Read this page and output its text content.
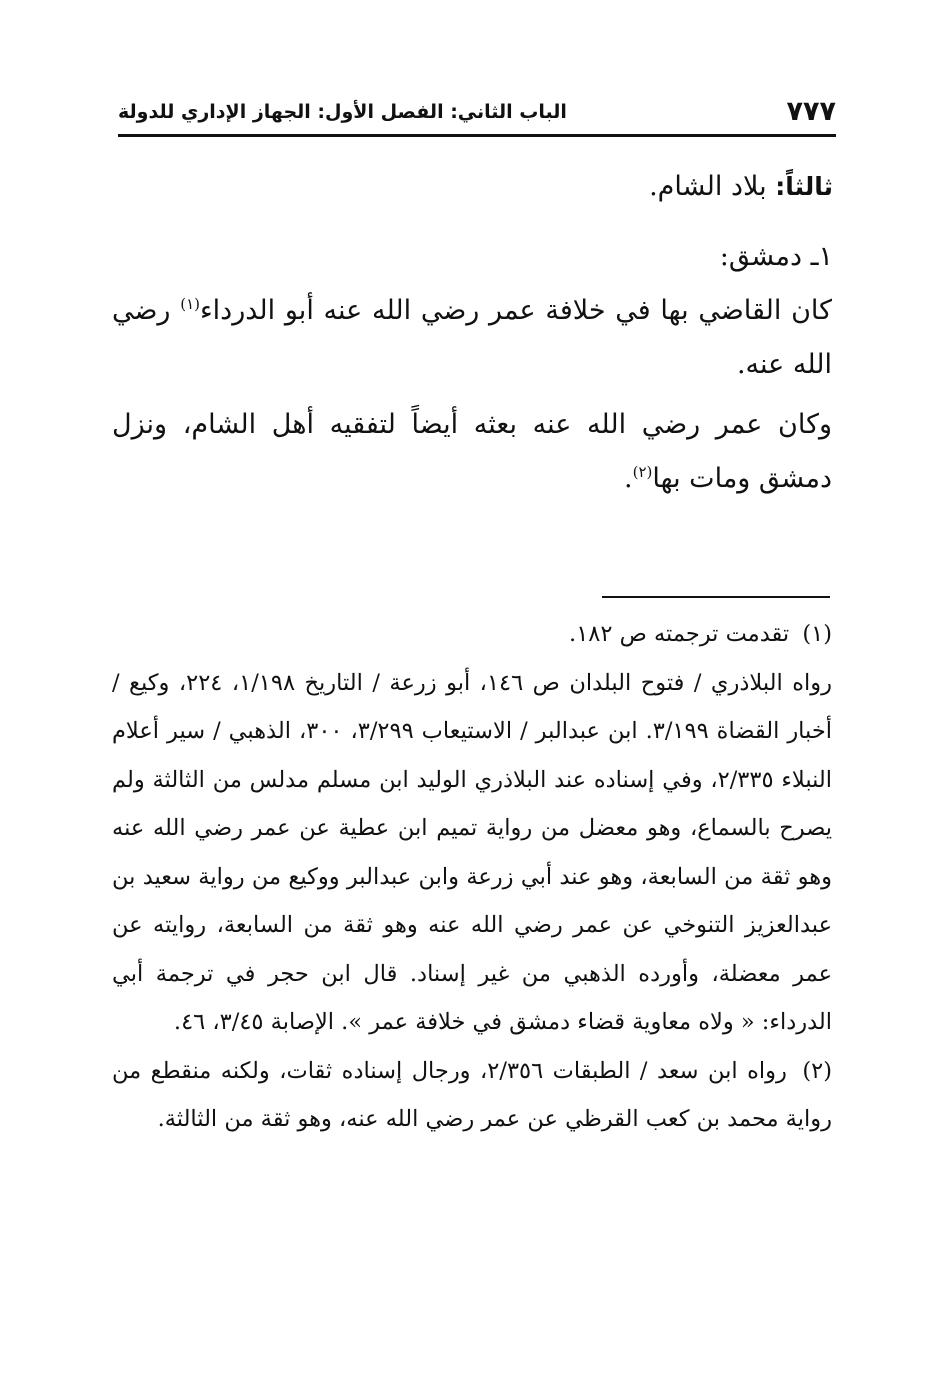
٧٧٧
الباب الثاني: الفصل الأول: الجهاز الإداري للدولة
ثالثاً: بلاد الشام.
١ـ دمشق:
كان القاضي بها في خلافة عمر رضي الله عنه أبو الدرداء$^{(١)}$ رضي الله عنه.
وكان عمر رضي الله عنه بعثه أيضاً لتفقيه أهل الشام، ونزل دمشق ومات بها$^{(٢)}$.

(١) تقدمت ترجمته ص ١٨٢.

رواه البلاذري / فتوح البلدان ص ١٤٦، أبو زرعة / التاريخ ١/١٩٨، ٢٢٤، وكيع / أخبار القضاة ٣/١٩٩. ابن عبدالبر / الاستيعاب ٣/٢٩٩، ٣٠٠، الذهبي / سير أعلام النبلاء ٢/٣٣٥، وفي إسناده عند البلاذري الوليد ابن مسلم مدلس من الثالثة ولم يصرح بالسماع، وهو معضل من رواية تميم ابن عطية عن عمر رضي الله عنه وهو ثقة من السابعة، وهو عند أبي زرعة وابن عبدالبر ووكيع من رواية سعيد بن عبدالعزيز التنوخي عن عمر رضي الله عنه وهو ثقة من السابعة، روايته عن عمر معضلة، وأورده الذهبي من غير إسناد. قال ابن حجر في ترجمة أبي الدرداء: « ولاه معاوية قضاء دمشق في خلافة عمر ». الإصابة ٣/٤٥، ٤٦.

(٢) رواه ابن سعد / الطبقات ٢/٣٥٦، ورجال إسناده ثقات، ولكنه منقطع من رواية محمد بن كعب القرظي عن عمر رضي الله عنه، وهو ثقة من الثالثة.
